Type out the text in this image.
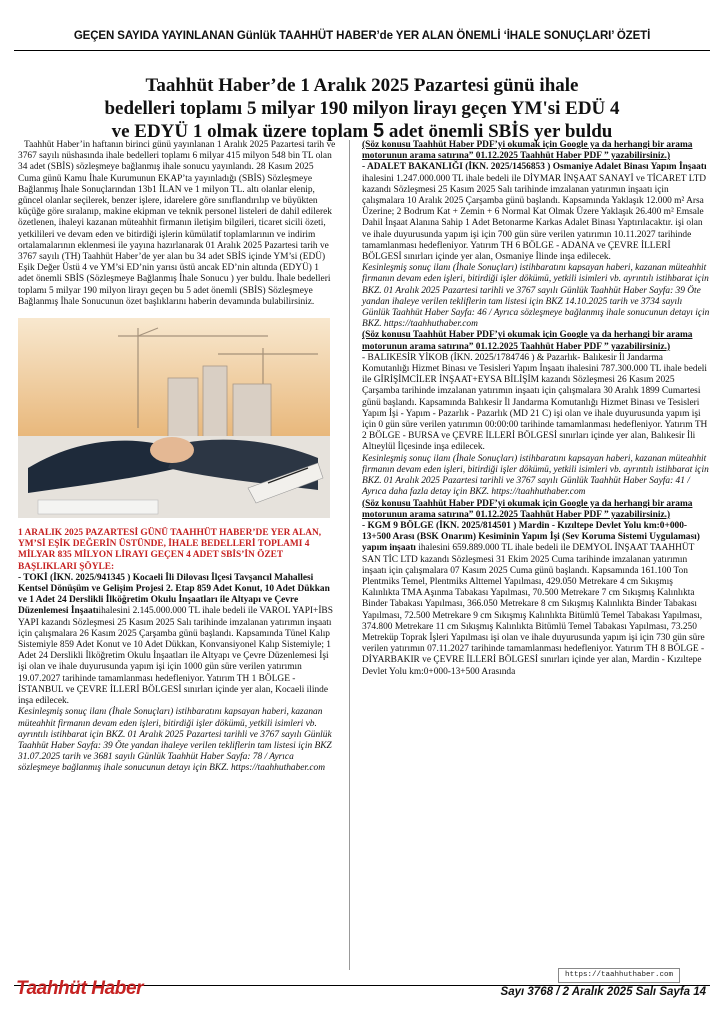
GEÇEN SAYIDA YAYINLANAN Günlük TAAHHÜT HABER’de YER ALAN ÖNEMLİ ‘İHALE SONUÇLARI’ ÖZETİ
Taahhüt Haber’de 1 Aralık 2025 Pazartesi günü ihale
bedelleri toplamı 5 milyar 190 milyon lirayı geçen YM'si EDÜ 4
ve EDYÜ 1 olmak üzere toplam 5 adet önemli SBİS yer buldu

Taahhüt Haber’in haftanın birinci günü yayınlanan 1 Aralık 2025 Pazartesi tarih ve 3767 sayılı nüshasında ihale bedelleri toplamı 6 milyar 415 milyon 548 bin TL olan 34 adet (SBİS) sözleşmeye bağlanmış ihale sonucu yayınlandı. 28 Kasım 2025 Cuma günü Kamu İhale Kurumunun EKAP’ta yayınladığı (SBİS) Sözleşmeye Bağlanmış İhale Sonuçlarından 13b1 İLAN ve 1 milyon TL. altı olanlar elenip, güncel olanlar seçilerek, benzer işlere, idarelere göre sınıflandırılıp ve büyükten küçüğe göre sıralanıp, makine ekipman ve teknik personel listeleri de dahil edilerek özetlenen, ihaleyi kazanan müteahhit firmanın iletişim bilgileri, ticaret sicili özeti, yetkilileri ve devam eden ve bitirdiği işlerin kümülatif toplamlarının ve indirim ortalamalarının eklenmesi ile yayına hazırlanarak 01 Aralık 2025 Pazartesi tarih ve 3767 sayılı (TH) Taahhüt Haber’de yer alan bu 34 adet SBİS içinde YM’si (EDÜ) Eşik Değer Üstü 4 ve YM’si ED’nin yarısı üstü ancak ED’nin altında (EDYÜ) 1 adet önemli SBİS (Sözleşmeye Bağlanmış İhale Sonucu ) yer buldu. İhale bedelleri toplamı 5 milyar 190 milyon lirayı geçen bu 5 adet önemli (SBİS) Sözleşmeye Bağlanmış İhale Sonucunun özet başlıklarını haberin devamında bulabilirsiniz.

1 ARALIK 2025 PAZARTESİ GÜNÜ TAAHHÜT HABER’DE YER ALAN, YM’Sİ EŞİK DEĞERİN ÜSTÜNDE, İHALE BEDELLERİ TOPLAMI 4 MİLYAR 835 MİLYON LİRAYI GEÇEN 4 ADET SBİS’İN ÖZET BAŞLIKLARI ŞÖYLE:

- TOKİ (İKN. 2025/941345 ) Kocaeli İli Dilovası İlçesi Tavşancıl Mahallesi Kentsel Dönüşüm ve Gelişim Projesi 2. Etap 859 Adet Konut, 10 Adet Dükkan ve 1 Adet 24 Derslikli İlköğretim Okulu İnşaatları ile Altyapı ve Çevre Düzenlemesi İnşaatıihalesini 2.145.000.000 TL ihale bedeli ile VAROL YAPI+İBS YAPI kazandı Sözleşmesi 25 Kasım 2025 Salı tarihinde imzalanan yatırımın inşaatı için çalışmalara 26 Kasım 2025 Çarşamba günü başlandı. Kapsamında Tünel Kalıp Sistemiyle 859 Adet Konut ve 10 Adet Dükkan, Konvansiyonel Kalıp Sistemiyle; 1 Adet 24 Derslikli İlköğretim Okulu İnşaatları ile Altyapı ve Çevre Düzenlemesi İşi işi olan ve ihale duyurusunda yapım işi için 1000 gün süre verilen yatırımın 19.07.2027 tarihinde tamamlanması hedefleniyor. Yatırım TH 1 BÖLGE - İSTANBUL ve ÇEVRE İLLERİ BÖLGESİ sınırları içinde yer alan, Kocaeli ilinde inşa edilecek.

Kesinleşmiş sonuç ilanı (İhale Sonuçları) istihbaratını kapsayan haberi, kazanan müteahhit firmanın devam eden işleri, bitirdiği işler dökümü, yetkili isimleri vb. ayrıntılı istihbarat için BKZ. 01 Aralık 2025 Pazartesi tarihli ve 3767 sayılı Günlük Taahhüt Haber Sayfa: 39 Öte yandan ihaleye verilen tekliflerin tam listesi için BKZ 31.07.2025 tarih ve 3681 sayılı Günlük Taahhüt Haber Sayfa: 78 / Ayrıca sözleşmeye bağlanmış ihale sonucunun detayı için BKZ. https://taahhuthaber.com

(Söz konusu Taahhüt Haber PDF’yi okumak için Google ya da herhangi bir arama motorunun arama satırına” 01.12.2025 Taahhüt Haber PDF ” yazabilirsiniz.)

- ADALET BAKANLIĞI (İKN. 2025/1456853 ) Osmaniye Adalet Binası Yapım İnşaatı ihalesini 1.247.000.000 TL ihale bedeli ile DİYMAR İNŞAAT SANAYİ ve TİCARET LTD kazandı Sözleşmesi 25 Kasım 2025 Salı tarihinde imzalanan yatırımın inşaatı için çalışmalara 10 Aralık 2025 Çarşamba günü başlandı. Kapsamında Yaklaşık 12.000 m² Arsa Üzerine; 2 Bodrum Kat + Zemin + 6 Normal Kat Olmak Üzere Yaklaşık 26.400 m² Emsale Dahil İnşaat Alanına Sahip 1 Adet Betonarme Karkas Adalet Binası Yaptırılacaktır. işi olan ve ihale duyurusunda yapım işi için 700 gün süre verilen yatırımın 10.11.2027 tarihinde tamamlanması hedefleniyor. Yatırım TH 6 BÖLGE - ADANA ve ÇEVRE İLLERİ BÖLGESİ sınırları içinde yer alan, Osmaniye İlinde inşa edilecek.

Kesinleşmiş sonuç ilanı (İhale Sonuçları) istihbaratını kapsayan haberi, kazanan müteahhit firmanın devam eden işleri, bitirdiği işler dökümü, yetkili isimleri vb. ayrıntılı istihbarat için BKZ. 01 Aralık 2025 Pazartesi tarihli ve 3767 sayılı Günlük Taahhüt Haber Sayfa: 39 Öte yandan ihaleye verilen tekliflerin tam listesi için BKZ 14.10.2025 tarih ve 3734 sayılı Günlük Taahhüt Haber Sayfa: 46 / Ayrıca sözleşmeye bağlanmış ihale sonucunun detayı için BKZ. https://taahhuthaber.com

(Söz konusu Taahhüt Haber PDF’yi okumak için Google ya da herhangi bir arama motorunun arama satırına” 01.12.2025 Taahhüt Haber PDF ” yazabilirsiniz.)

- BALIKESİR YİKOB (İKN. 2025/1784746 ) & Pazarlık- Balıkesir İl Jandarma Komutanlığı Hizmet Binası ve Tesisleri Yapım İnşaatı ihalesini 787.300.000 TL ihale bedeli ile GİRİŞİMCİLER İNŞAAT+EYSA BİLİŞİM kazandı Sözleşmesi 26 Kasım 2025 Çarşamba tarihinde imzalanan yatırımın inşaatı için çalışmalara 30 Aralık 1899 Cumartesi günü başlandı. Kapsamında Balıkesir İl Jandarma Komutanlığı Hizmet Binası ve Tesisleri Yapım İşi - Yapım - Pazarlık - Pazarlık (MD 21 C) işi olan ve ihale duyurusunda yapım işi için 0 gün süre verilen yatırımın 00:00:00 tarihinde tamamlanması hedefleniyor. Yatırım TH 2 BÖLGE - BURSA ve ÇEVRE İLLERİ BÖLGESİ sınırları içinde yer alan, Balıkesir İli Altıeylül İlçesinde inşa edilecek.

Kesinleşmiş sonuç ilanı (İhale Sonuçları) istihbaratını kapsayan haberi, kazanan müteahhit firmanın devam eden işleri, bitirdiği işler dökümü, yetkili isimleri vb. ayrıntılı istihbarat için BKZ. 01 Aralık 2025 Pazartesi tarihli ve 3767 sayılı Günlük Taahhüt Haber Sayfa: 41 / Ayrıca daha fazla detay için BKZ. https://taahhuthaber.com

(Söz konusu Taahhüt Haber PDF’yi okumak için Google ya da herhangi bir arama motorunun arama satırına” 01.12.2025 Taahhüt Haber PDF ” yazabilirsiniz.)

- KGM 9 BÖLGE (İKN. 2025/814501 ) Mardin - Kızıltepe Devlet Yolu km:0+000-13+500 Arası (BSK Onarım) Kesiminin Yapım İşi (Sev Koruma Sistemi Uygulaması) yapım inşaatı ihalesini 659.889.000 TL ihale bedeli ile DEMYOL İNŞAAT TAAHHÜT SAN TİC LTD kazandı Sözleşmesi 31 Ekim 2025 Cuma tarihinde imzalanan yatırımın inşaatı için çalışmalara 07 Kasım 2025 Cuma günü başlandı. Kapsamında 161.100 Ton Plentmiks Temel, Plentmiks Alttemel Yapılması, 429.050 Metrekare 4 cm Sıkışmış Kalınlıkta TMA Aşınma Tabakası Yapılması, 70.500 Metrekare 7 cm Sıkışmış Kalınlıkta Binder Tabakası Yapılması, 366.050 Metrekare 8 cm Sıkışmış Kalınlıkta Binder Tabakası Yapılması, 72.500 Metrekare 9 cm Sıkışmış Kalınlıkta Bitümlü Temel Tabakası Yapılması, 374.800 Metrekare 11 cm Sıkışmış Kalınlıkta Bitümlü Temel Tabakası Yapılması, 73.250 Metreküp Toprak İşleri Yapılması işi olan ve ihale duyurusunda yapım işi için 730 gün süre verilen yatırımın 07.11.2027 tarihinde tamamlanması hedefleniyor. Yatırım TH 8 BÖLGE - DİYARBAKIR ve ÇEVRE İLLERİ BÖLGESİ sınırları içinde yer alan, Mardin - Kızıltepe Devlet Yolu km:0+000-13+500 Arasında

https://taahhuthaber.com
Taahhüt Haber	Sayı 3768 / 2 Aralık 2025 Salı Sayfa 14
